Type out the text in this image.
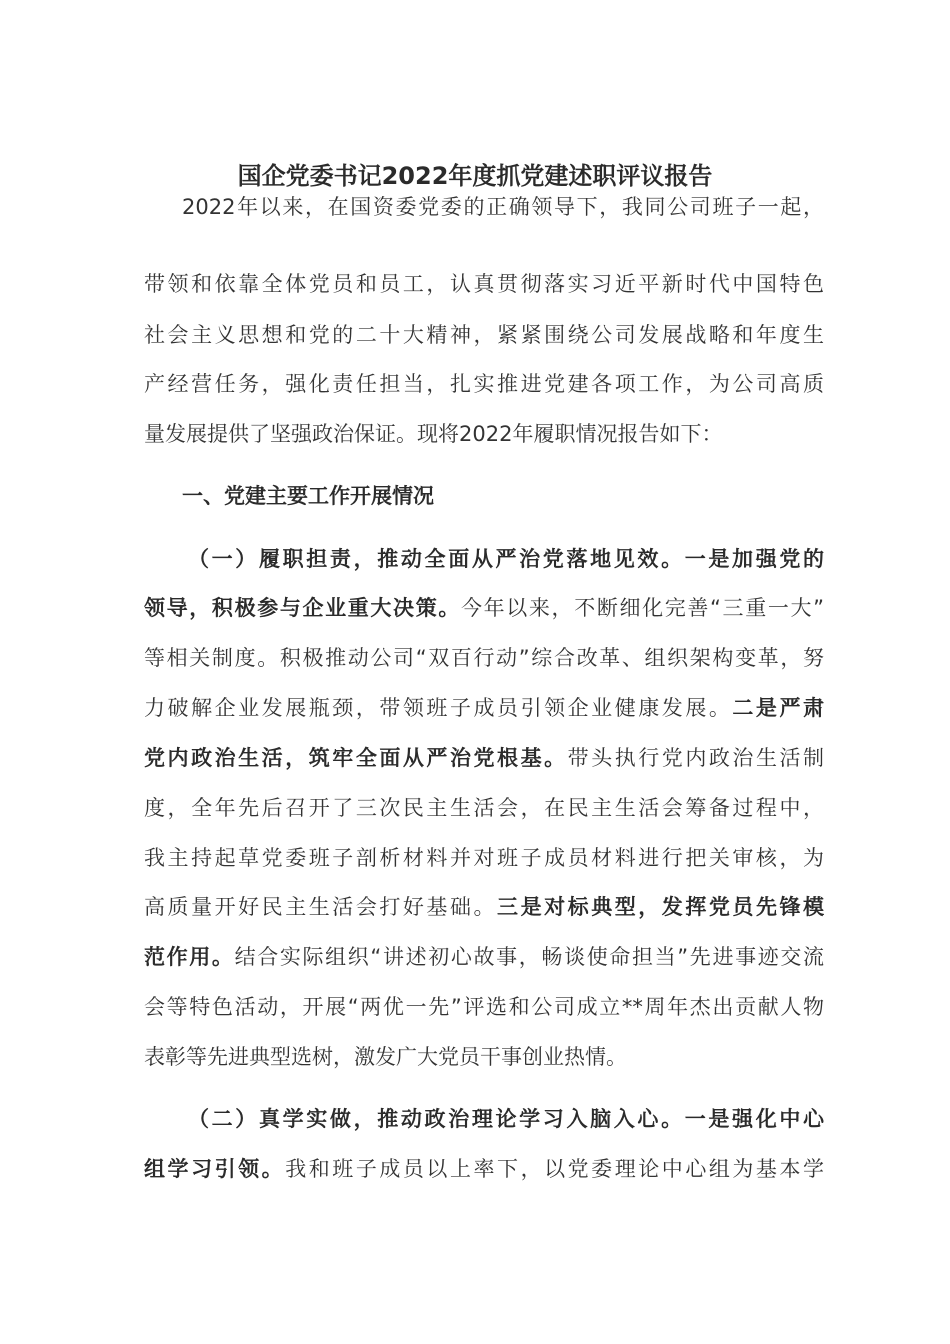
国企党委书记2022年度抓党建述职评议报告
2022年以来，在国资委党委的正确领导下，我同公司班子一起，
带领和依靠全体党员和员工，认真贯彻落实习近平新时代中国特色
社会主义思想和党的二十大精神，紧紧围绕公司发展战略和年度生
产经营任务，强化责任担当，扎实推进党建各项工作，为公司高质
量发展提供了坚强政治保证。现将2022年履职情况报告如下：
一、党建主要工作开展情况
（一）履职担责，推动全面从严治党落地见效。一是加强党的
领导，积极参与企业重大决策。今年以来，不断细化完善“三重一大”
等相关制度。积极推动公司“双百行动”综合改革、组织架构变革，努
力破解企业发展瓶颈，带领班子成员引领企业健康发展。二是严肃
党内政治生活，筑牢全面从严治党根基。带头执行党内政治生活制
度，全年先后召开了三次民主生活会，在民主生活会筹备过程中，
我主持起草党委班子剖析材料并对班子成员材料进行把关审核，为
高质量开好民主生活会打好基础。三是对标典型，发挥党员先锋模
范作用。结合实际组织“讲述初心故事，畅谈使命担当”先进事迹交流
会等特色活动，开展“两优一先”评选和公司成立**周年杰出贡献人物
表彰等先进典型选树，激发广大党员干事创业热情。
（二）真学实做，推动政治理论学习入脑入心。一是强化中心
组学习引领。我和班子成员以上率下，以党委理论中心组为基本学
